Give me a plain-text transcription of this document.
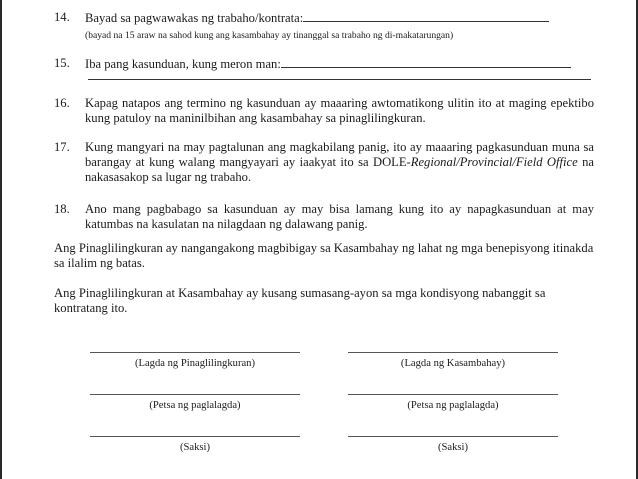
14. Bayad sa pagwawakas ng trabaho/kontrata:
(bayad na 15 araw na sahod kung ang kasambahay ay tinanggal sa trabaho ng di-makatarungan)
15. Iba pang kasunduan, kung meron man:
16. Kapag natapos ang termino ng kasunduan ay maaaring awtomatikong ulitin ito at maging epektibo kung patuloy na maninilbihan ang kasambahay sa pinaglilingkuran.
17. Kung mangyari na may pagtalunan ang magkabilang panig, ito ay maaaring pagkasunduan muna sa barangay at kung walang mangyayari ay iaakyat ito sa DOLE-Regional/Provincial/Field Office na nakasasakop sa lugar ng trabaho.
18. Ano mang pagbabago sa kasunduan ay may bisa lamang kung ito ay napagkasunduan at may katumbas na kasulatan na nilagdaan ng dalawang panig.
Ang Pinaglilingkuran ay nangangakong magbibigay sa Kasambahay ng lahat ng mga benepisyong itinakda sa ilalim ng batas.
Ang Pinaglilingkuran at Kasambahay ay kusang sumasang-ayon sa mga kondisyong nabanggit sa kontratang ito.
(Lagda ng Pinaglilingkuran)	(Lagda ng Kasambahay)
(Petsa ng paglalagda)	(Petsa ng paglalagda)
(Saksi)	(Saksi)
